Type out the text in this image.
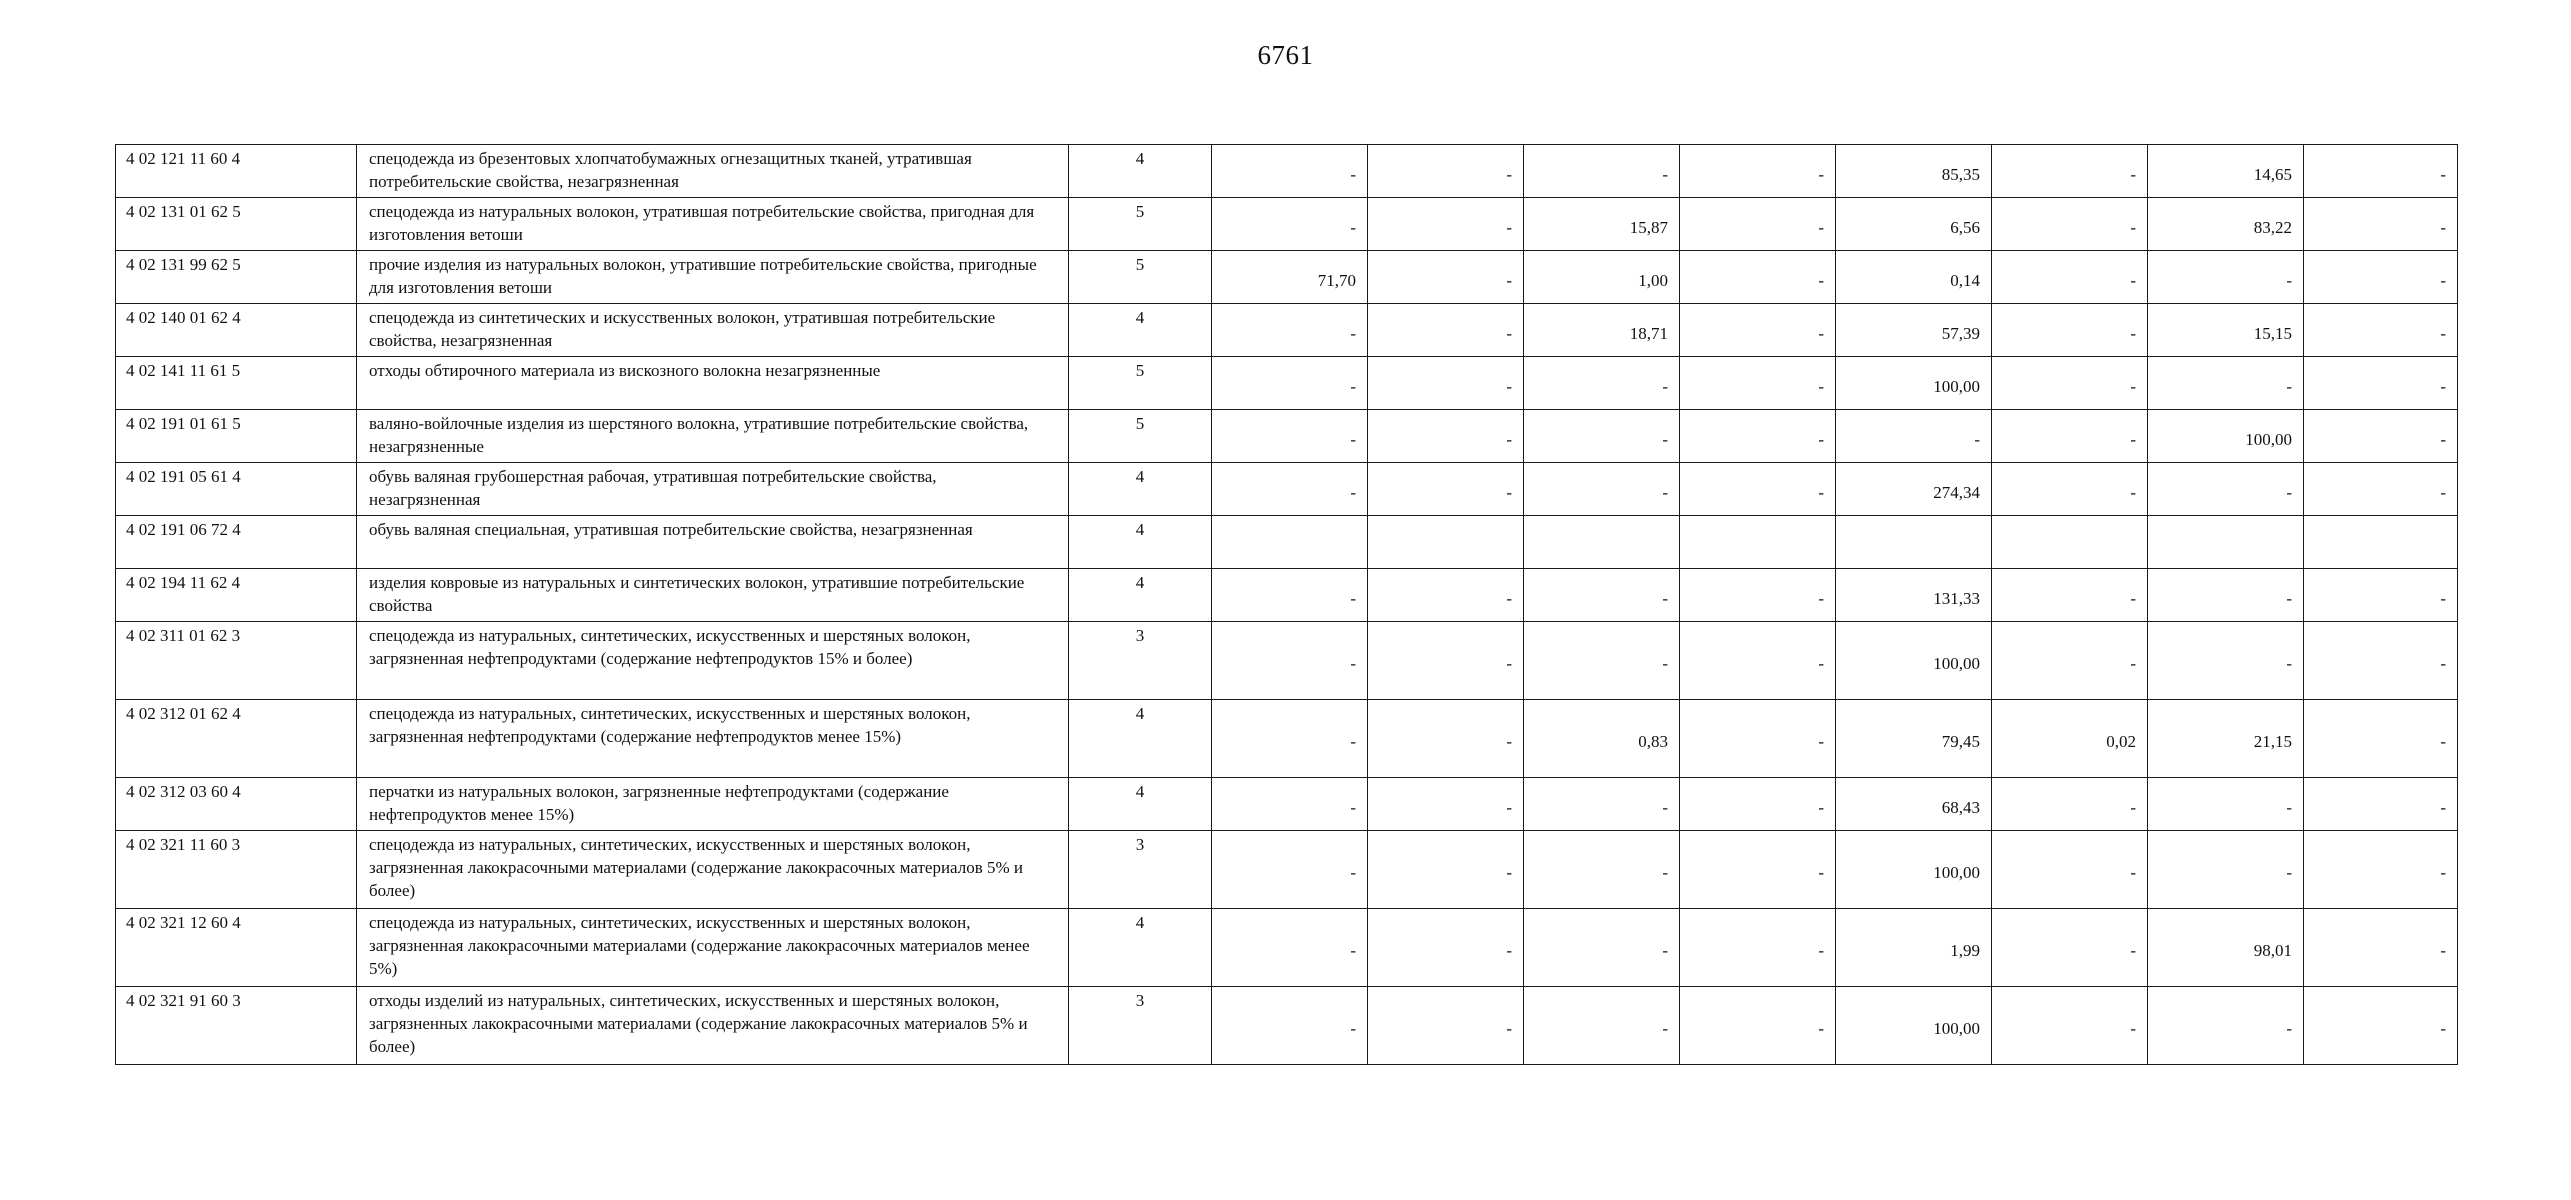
6761
4 02 121 11 60 4	спецодежда из брезентовых хлопчатобумажных огнезащитных тканей, утратившая потребительские свойства, незагрязненная	4	-	-	-	-	85,35	-	14,65	-
4 02 131 01 62 5	спецодежда из натуральных волокон, утратившая потребительские свойства, пригодная для изготовления ветоши	5	-	-	15,87	-	6,56	-	83,22	-
4 02 131 99 62 5	прочие изделия из натуральных волокон, утратившие потребительские свойства, пригодные для изготовления ветоши	5	71,70	-	1,00	-	0,14	-	-	-
4 02 140 01 62 4	спецодежда из синтетических и искусственных волокон, утратившая потребительские свойства, незагрязненная	4	-	-	18,71	-	57,39	-	15,15	-
4 02 141 11 61 5	отходы обтирочного материала из вискозного волокна незагрязненные	5	-	-	-	-	100,00	-	-	-
4 02 191 01 61 5	валяно-войлочные изделия из шерстяного волокна, утратившие потребительские свойства, незагрязненные	5	-	-	-	-	-	-	100,00	-
4 02 191 05 61 4	обувь валяная грубошерстная рабочая, утратившая потребительские свойства, незагрязненная	4	-	-	-	-	274,34	-	-	-
4 02 191 06 72 4	обувь валяная специальная, утратившая потребительские свойства, незагрязненная	4								
4 02 194 11 62 4	изделия ковровые из натуральных и синтетических волокон, утратившие потребительские свойства	4	-	-	-	-	131,33	-	-	-
4 02 311 01 62 3	спецодежда из натуральных, синтетических, искусственных и шерстяных волокон, загрязненная нефтепродуктами (содержание нефтепродуктов 15% и более)	3	-	-	-	-	100,00	-	-	-
4 02 312 01 62 4	спецодежда из натуральных, синтетических, искусственных и шерстяных волокон, загрязненная нефтепродуктами (содержание нефтепродуктов менее 15%)	4	-	-	0,83	-	79,45	0,02	21,15	-
4 02 312 03 60 4	перчатки из натуральных волокон, загрязненные нефтепродуктами (содержание нефтепродуктов менее 15%)	4	-	-	-	-	68,43	-	-	-
4 02 321 11 60 3	спецодежда из натуральных, синтетических, искусственных и шерстяных волокон, загрязненная лакокрасочными материалами (содержание лакокрасочных материалов 5% и более)	3	-	-	-	-	100,00	-	-	-
4 02 321 12 60 4	спецодежда из натуральных, синтетических, искусственных и шерстяных волокон, загрязненная лакокрасочными материалами (содержание лакокрасочных материалов менее 5%)	4	-	-	-	-	1,99	-	98,01	-
4 02 321 91 60 3	отходы изделий из натуральных, синтетических, искусственных и шерстяных волокон, загрязненных лакокрасочными материалами (содержание лакокрасочных материалов 5% и более)	3	-	-	-	-	100,00	-	-	-
